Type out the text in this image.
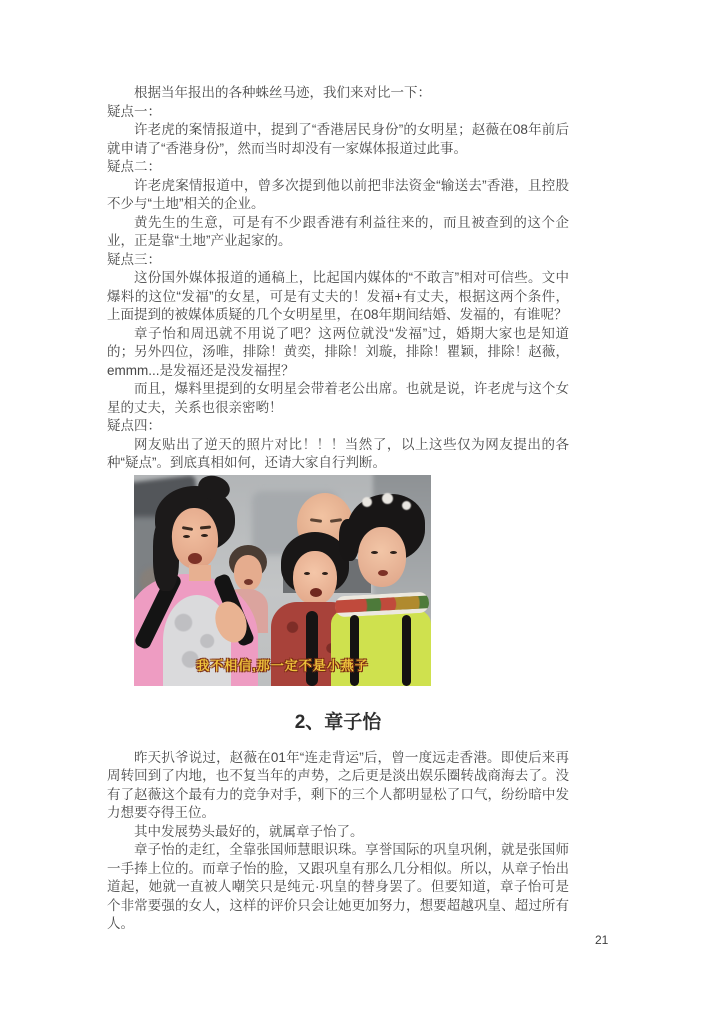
根据当年报出的各种蛛丝马迹，我们来对比一下：

疑点一：

许老虎的案情报道中，提到了“香港居民身份”的女明星；赵薇在08年前后就申请了“香港身份”，然而当时却没有一家媒体报道过此事。

疑点二：

许老虎案情报道中，曾多次提到他以前把非法资金“输送去”香港，且控股不少与“土地”相关的企业。

黄先生的生意，可是有不少跟香港有利益往来的，而且被查到的这个企业，正是靠“土地”产业起家的。

疑点三：

这份国外媒体报道的通稿上，比起国内媒体的“不敢言”相对可信些。文中爆料的这位“发福”的女星，可是有丈夫的！发福+有丈夫，根据这两个条件，上面提到的被媒体质疑的几个女明星里，在08年期间结婚、发福的，有谁呢？

章子怡和周迅就不用说了吧？这两位就没“发福”过，婚期大家也是知道的；另外四位，汤唯，排除！黄奕，排除！刘璇，排除！瞿颖，排除！赵薇，emmm...是发福还是没发福捏？

而且，爆料里提到的女明星会带着老公出席。也就是说，许老虎与这个女星的丈夫，关系也很亲密哟！

疑点四：

网友贴出了逆天的照片对比！！！当然了，以上这些仅为网友提出的各种“疑点”。到底真相如何，还请大家自行判断。

我不相信,那一定不是小燕子
2、章子怡

昨天扒爷说过，赵薇在01年“连走背运”后，曾一度远走香港。即使后来再周转回到了内地，也不复当年的声势，之后更是淡出娱乐圈转战商海去了。没有了赵薇这个最有力的竞争对手，剩下的三个人都明显松了口气，纷纷暗中发力想要夺得王位。

其中发展势头最好的，就属章子怡了。

章子怡的走红，全靠张国师慧眼识珠。享誉国际的巩皇巩俐，就是张国师一手捧上位的。而章子怡的脸，又跟巩皇有那么几分相似。所以，从章子怡出道起，她就一直被人嘲笑只是纯元·巩皇的替身罢了。但要知道，章子怡可是个非常要强的女人，这样的评价只会让她更加努力，想要超越巩皇、超过所有人。

21
